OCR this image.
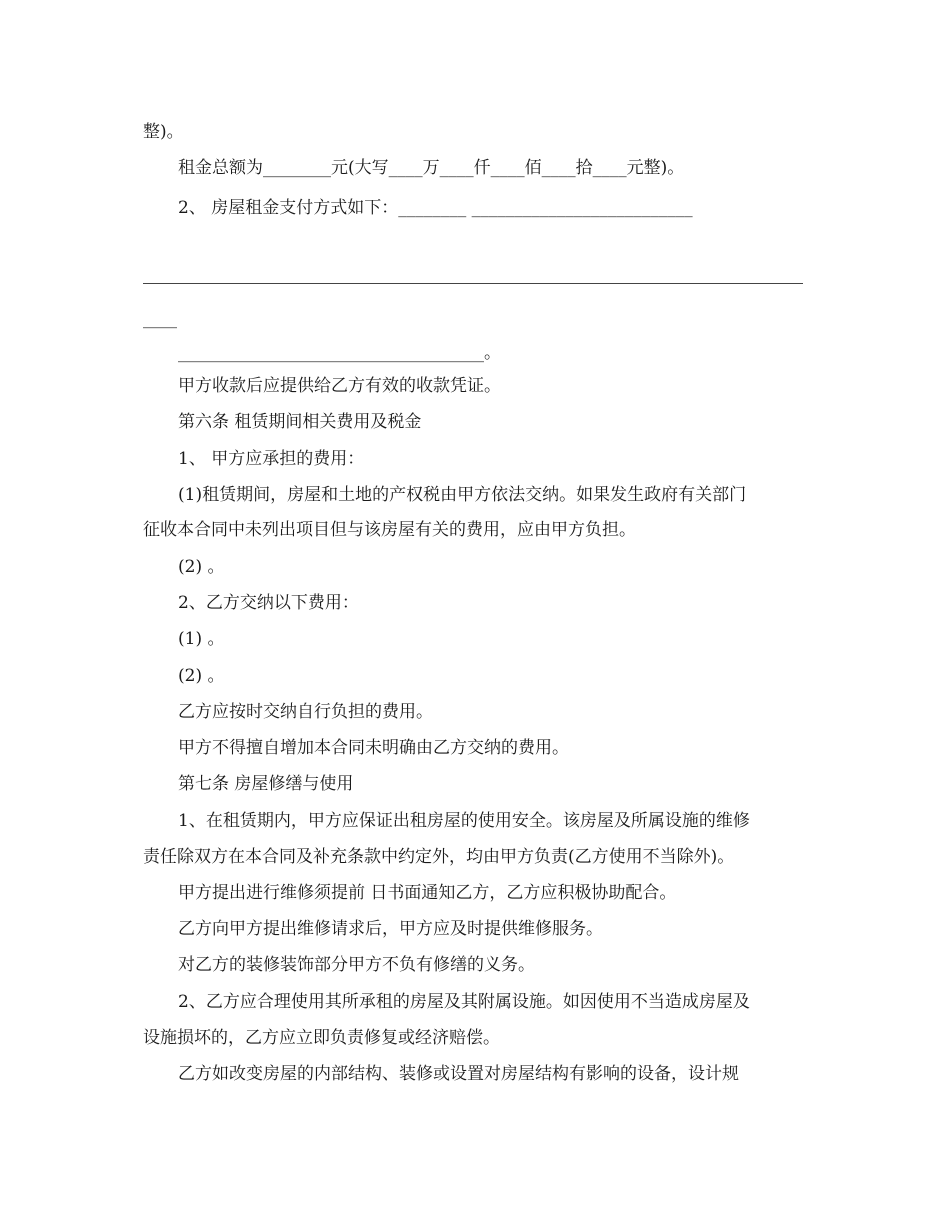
整)。

租金总额为________元(大写____万____仟____佰____拾____元整)。

2、 房屋租金支付方式如下：________ __________________________

____

____________________________________。

甲方收款后应提供给乙方有效的收款凭证。

第六条 租赁期间相关费用及税金

1、 甲方应承担的费用：

(1)租赁期间，房屋和土地的产权税由甲方依法交纳。如果发生政府有关部门

征收本合同中未列出项目但与该房屋有关的费用，应由甲方负担。

(2) 。

2、乙方交纳以下费用：

(1) 。

(2) 。

乙方应按时交纳自行负担的费用。

甲方不得擅自增加本合同未明确由乙方交纳的费用。

第七条 房屋修缮与使用

1、在租赁期内，甲方应保证出租房屋的使用安全。该房屋及所属设施的维修

责任除双方在本合同及补充条款中约定外，均由甲方负责(乙方使用不当除外)。

甲方提出进行维修须提前 日书面通知乙方，乙方应积极协助配合。

乙方向甲方提出维修请求后，甲方应及时提供维修服务。

对乙方的装修装饰部分甲方不负有修缮的义务。

2、乙方应合理使用其所承租的房屋及其附属设施。如因使用不当造成房屋及

设施损坏的，乙方应立即负责修复或经济赔偿。

乙方如改变房屋的内部结构、装修或设置对房屋结构有影响的设备，设计规
